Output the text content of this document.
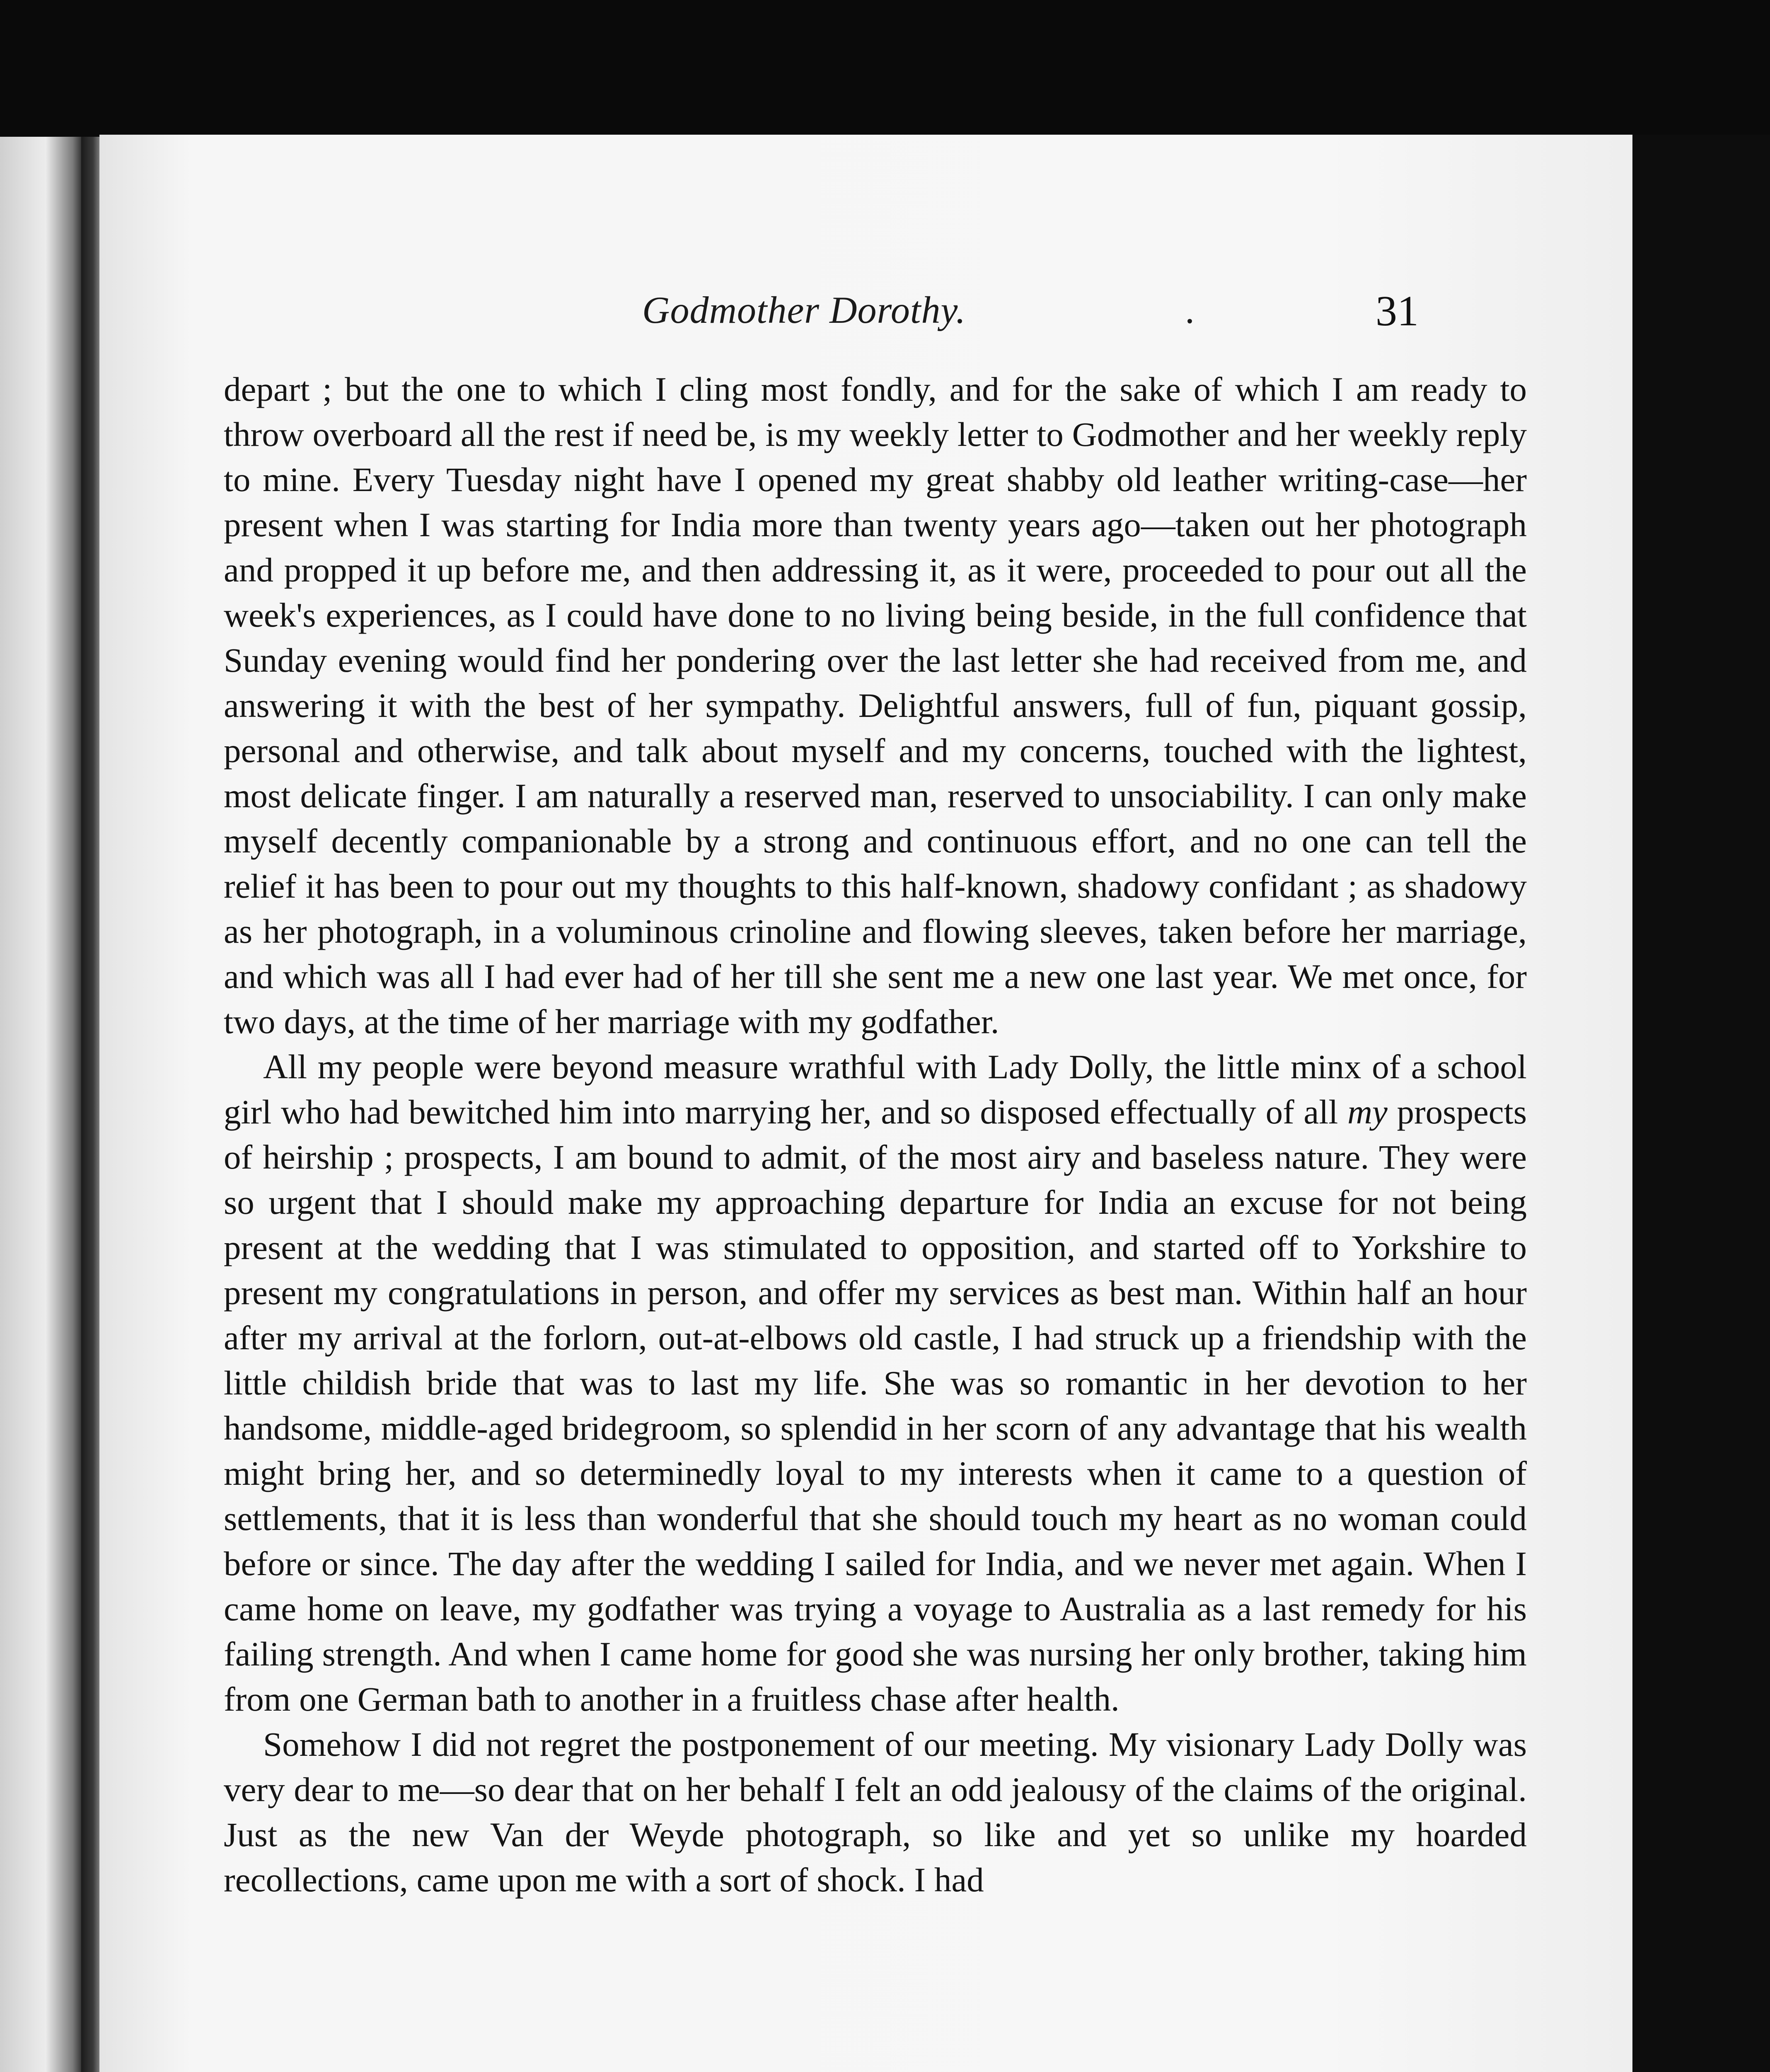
Godmother Dorothy.	.	31

depart ; but the one to which I cling most fondly, and for the sake of which I am ready to throw overboard all the rest if need be, is my weekly letter to Godmother and her weekly reply to mine. Every Tuesday night have I opened my great shabby old leather writing-case—her present when I was starting for India more than twenty years ago—taken out her photograph and propped it up before me, and then addressing it, as it were, proceeded to pour out all the week's experiences, as I could have done to no living being beside, in the full confidence that Sunday evening would find her pondering over the last letter she had received from me, and answering it with the best of her sympathy. Delightful answers, full of fun, piquant gossip, personal and otherwise, and talk about myself and my concerns, touched with the lightest, most delicate finger. I am naturally a reserved man, reserved to unsociability. I can only make myself decently companionable by a strong and continuous effort, and no one can tell the relief it has been to pour out my thoughts to this half-known, shadowy confidant ; as shadowy as her photograph, in a voluminous crinoline and flowing sleeves, taken before her marriage, and which was all I had ever had of her till she sent me a new one last year. We met once, for two days, at the time of her marriage with my godfather.

All my people were beyond measure wrathful with Lady Dolly, the little minx of a school girl who had bewitched him into marrying her, and so disposed effectually of all my prospects of heirship ; prospects, I am bound to admit, of the most airy and baseless nature. They were so urgent that I should make my approaching departure for India an excuse for not being present at the wedding that I was stimulated to opposition, and started off to Yorkshire to present my congratulations in person, and offer my services as best man. Within half an hour after my arrival at the forlorn, out-at-elbows old castle, I had struck up a friendship with the little childish bride that was to last my life. She was so romantic in her devotion to her handsome, middle-aged bridegroom, so splendid in her scorn of any advantage that his wealth might bring her, and so determinedly loyal to my interests when it came to a question of settlements, that it is less than wonderful that she should touch my heart as no woman could before or since. The day after the wedding I sailed for India, and we never met again. When I came home on leave, my godfather was trying a voyage to Australia as a last remedy for his failing strength. And when I came home for good she was nursing her only brother, taking him from one German bath to another in a fruitless chase after health.

Somehow I did not regret the postponement of our meeting. My visionary Lady Dolly was very dear to me—so dear that on her behalf I felt an odd jealousy of the claims of the original. Just as the new Van der Weyde photograph, so like and yet so unlike my hoarded recollections, came upon me with a sort of shock. I had
